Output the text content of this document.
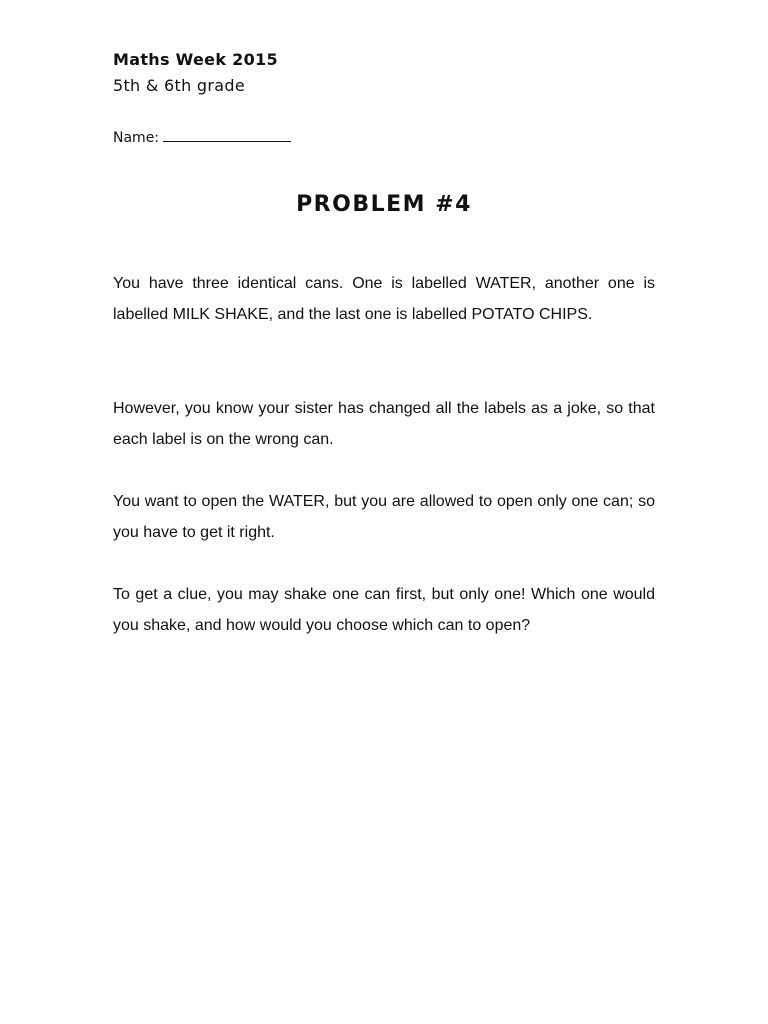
Maths Week 2015
5th & 6th grade
Name:
PROBLEM #4

You have three identical cans. One is labelled WATER, another one is labelled MILK SHAKE, and the last one is labelled POTATO CHIPS.

However, you know your sister has changed all the labels as a joke, so that each label is on the wrong can.

You want to open the WATER, but you are allowed to open only one can; so you have to get it right.

To get a clue, you may shake one can first, but only one! Which one would you shake, and how would you choose which can to open?
